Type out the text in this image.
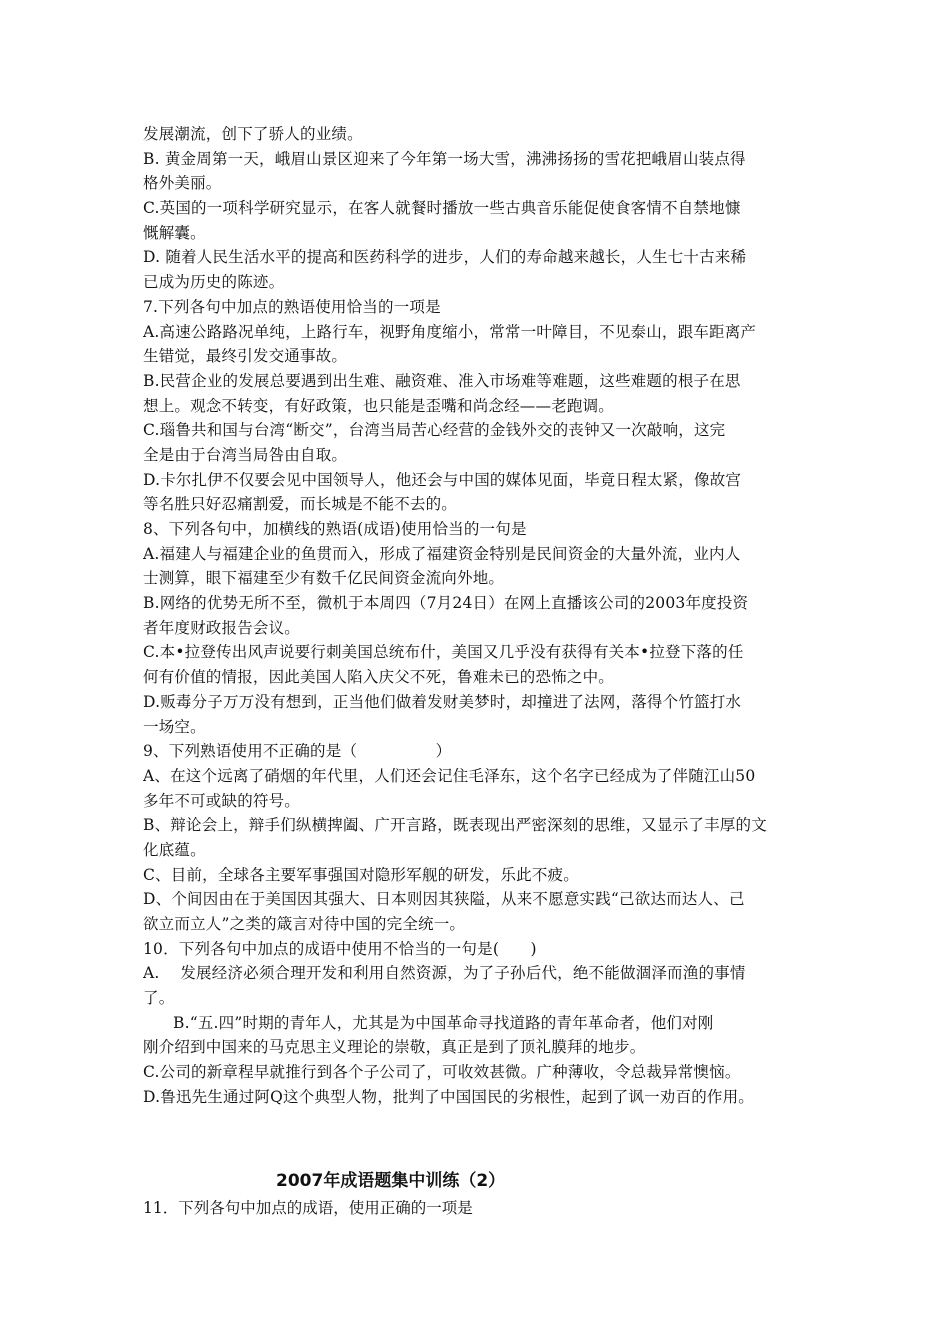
发展潮流，创下了骄人的业绩。
B. 黄金周第一天，峨眉山景区迎来了今年第一场大雪，沸沸扬扬的雪花把峨眉山装点得
格外美丽。
C.英国的一项科学研究显示，在客人就餐时播放一些古典音乐能促使食客情不自禁地慷
慨解囊。
D. 随着人民生活水平的提高和医药科学的进步，人们的寿命越来越长，人生七十古来稀
已成为历史的陈迹。
7.下列各句中加点的熟语使用恰当的一项是
A.高速公路路况单纯，上路行车，视野角度缩小，常常一叶障目，不见泰山，跟车距离产
生错觉，最终引发交通事故。
B.民营企业的发展总要遇到出生难、融资难、准入市场难等难题，这些难题的根子在思
想上。观念不转变，有好政策，也只能是歪嘴和尚念经——老跑调。
C.瑙鲁共和国与台湾“断交”，台湾当局苦心经营的金钱外交的丧钟又一次敲响，这完
全是由于台湾当局咎由自取。
D.卡尔扎伊不仅要会见中国领导人，他还会与中国的媒体见面，毕竟日程太紧，像故宫
等名胜只好忍痛割爱，而长城是不能不去的。
8、下列各句中，加横线的熟语(成语)使用恰当的一句是
A.福建人与福建企业的鱼贯而入，形成了福建资金特别是民间资金的大量外流，业内人
士测算，眼下福建至少有数千亿民间资金流向外地。
B.网络的优势无所不至，微机于本周四（7月24日）在网上直播该公司的2003年度投资
者年度财政报告会议。
C.本•拉登传出风声说要行刺美国总统布什，美国又几乎没有获得有关本•拉登下落的任
何有价值的情报，因此美国人陷入庆父不死，鲁难未已的恐怖之中。
D.贩毒分子万万没有想到，正当他们做着发财美梦时，却撞进了法网，落得个竹篮打水
一场空。
9、下列熟语使用不正确的是（　　　　　）
A、在这个远离了硝烟的年代里，人们还会记住毛泽东，这个名字已经成为了伴随江山50
多年不可或缺的符号。
B、辩论会上，辩手们纵横捭阖、广开言路，既表现出严密深刻的思维，又显示了丰厚的文
化底蕴。
C、目前，全球各主要军事强国对隐形军舰的研发，乐此不疲。
D、个间因由在于美国因其强大、日本则因其狭隘，从来不愿意实践“己欲达而达人、己
欲立而立人”之类的箴言对待中国的完全统一。
10．下列各句中加点的成语中使用不恰当的一句是(　　)
A.　 发展经济必须合理开发和利用自然资源，为了子孙后代，绝不能做涸泽而渔的事情
了。
B.“五.四”时期的青年人，尤其是为中国革命寻找道路的青年革命者，他们对刚
刚介绍到中国来的马克思主义理论的崇敬，真正是到了顶礼膜拜的地步。
C.公司的新章程早就推行到各个子公司了，可收效甚微。广种薄收，令总裁异常懊恼。
D.鲁迅先生通过阿Q这个典型人物，批判了中国国民的劣根性，起到了讽一劝百的作用。
2007年成语题集中训练（2）
11．下列各句中加点的成语，使用正确的一项是
